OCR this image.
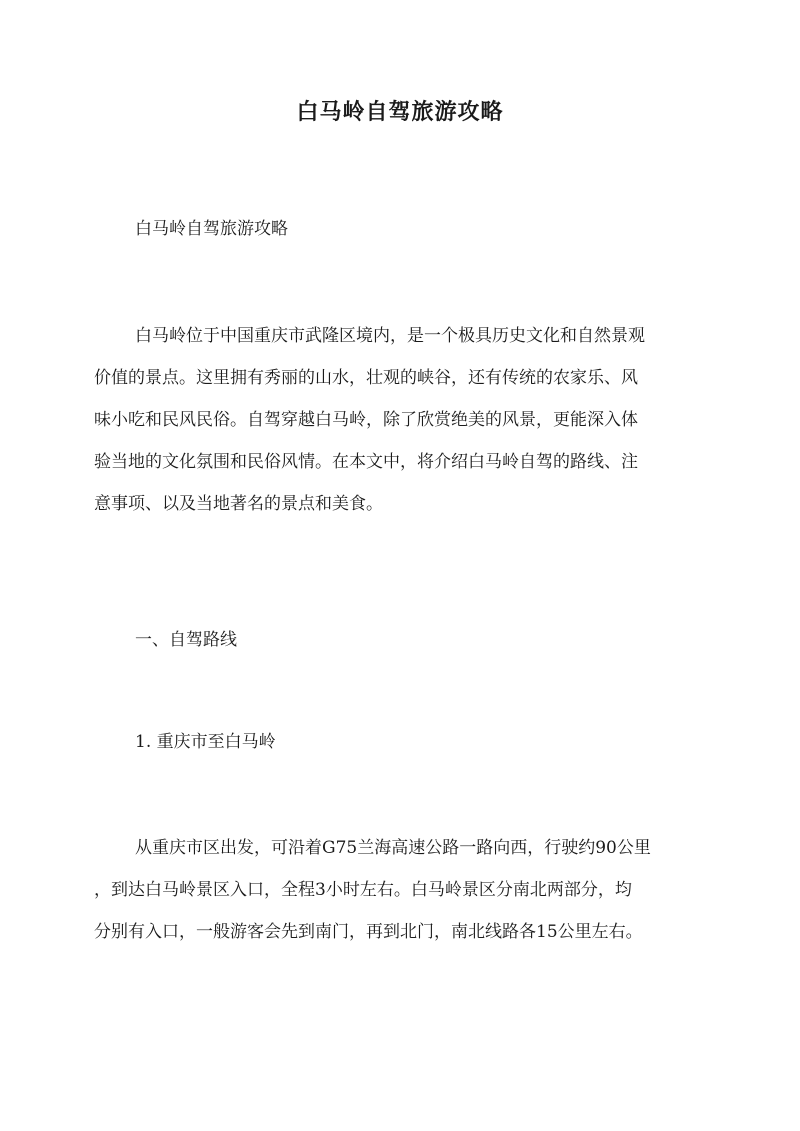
白马岭自驾旅游攻略
白马岭自驾旅游攻略
白马岭位于中国重庆市武隆区境内，是一个极具历史文化和自然景观
价值的景点。这里拥有秀丽的山水，壮观的峡谷，还有传统的农家乐、风
味小吃和民风民俗。自驾穿越白马岭，除了欣赏绝美的风景，更能深入体
验当地的文化氛围和民俗风情。在本文中，将介绍白马岭自驾的路线、注
意事项、以及当地著名的景点和美食。
一、自驾路线
1. 重庆市至白马岭
从重庆市区出发，可沿着G75兰海高速公路一路向西，行驶约90公里
，到达白马岭景区入口，全程3小时左右。白马岭景区分南北两部分，均
分别有入口，一般游客会先到南门，再到北门，南北线路各15公里左右。
